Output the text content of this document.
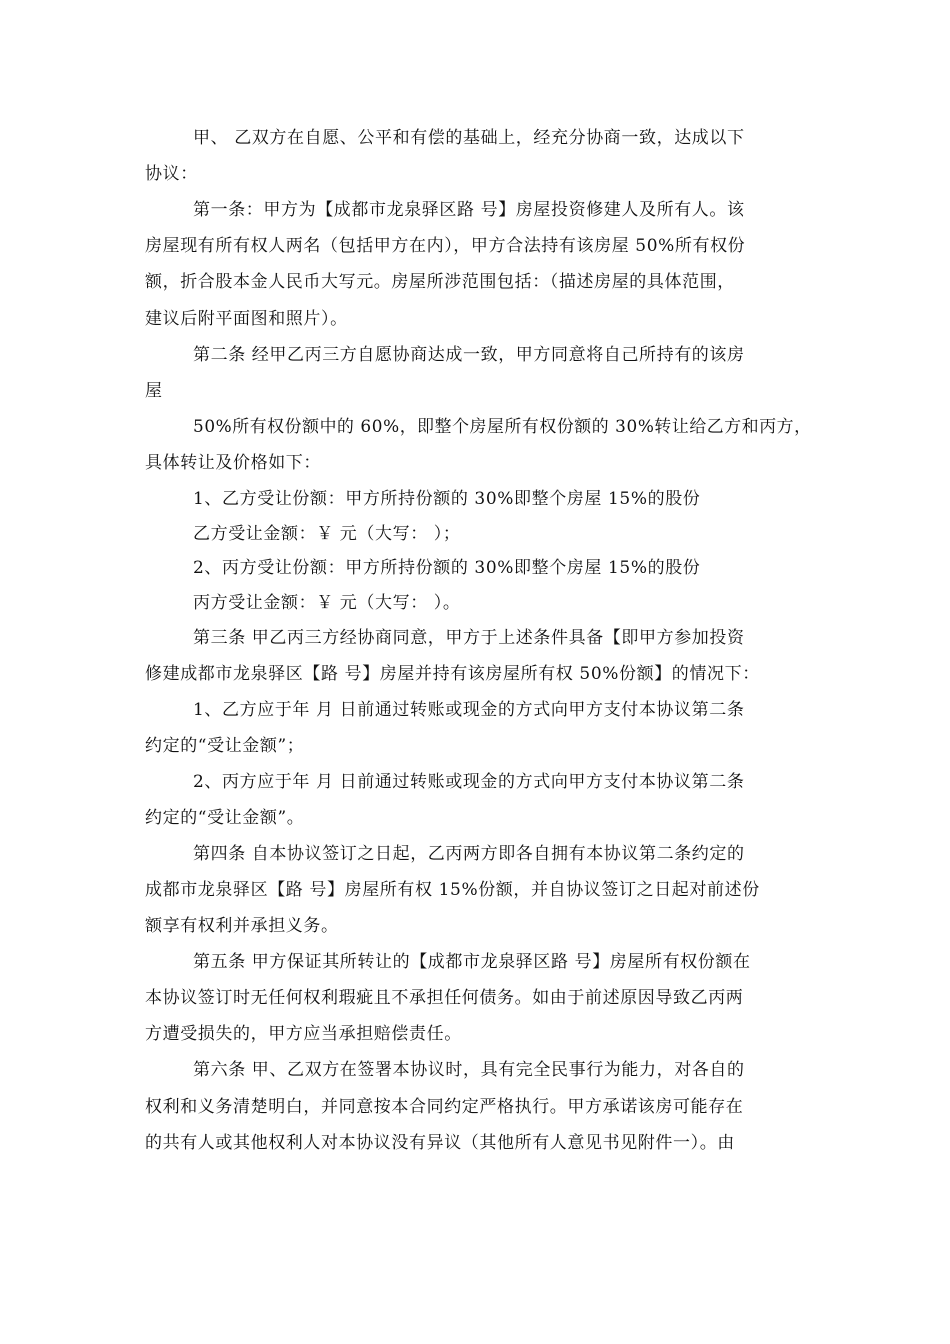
甲、 乙双方在自愿、公平和有偿的基础上，经充分协商一致，达成以下
协议：
第一条：甲方为【成都市龙泉驿区路 号】房屋投资修建人及所有人。该
房屋现有所有权人两名（包括甲方在内），甲方合法持有该房屋 50%所有权份
额，折合股本金人民币大写元。房屋所涉范围包括：（描述房屋的具体范围，
建议后附平面图和照片）。
第二条 经甲乙丙三方自愿协商达成一致，甲方同意将自己所持有的该房
屋
50%所有权份额中的 60%，即整个房屋所有权份额的 30%转让给乙方和丙方，
具体转让及价格如下：
1、乙方受让份额：甲方所持份额的 30%即整个房屋 15%的股份
乙方受让金额：￥ 元（大写： ）；
2、丙方受让份额：甲方所持份额的 30%即整个房屋 15%的股份
丙方受让金额：￥ 元（大写： ）。
第三条 甲乙丙三方经协商同意，甲方于上述条件具备【即甲方参加投资
修建成都市龙泉驿区【路 号】房屋并持有该房屋所有权 50%份额】的情况下：
1、乙方应于年 月 日前通过转账或现金的方式向甲方支付本协议第二条
约定的“受让金额”；
2、丙方应于年 月 日前通过转账或现金的方式向甲方支付本协议第二条
约定的“受让金额”。
第四条 自本协议签订之日起，乙丙两方即各自拥有本协议第二条约定的
成都市龙泉驿区【路 号】房屋所有权 15%份额，并自协议签订之日起对前述份
额享有权利并承担义务。
第五条 甲方保证其所转让的【成都市龙泉驿区路 号】房屋所有权份额在
本协议签订时无任何权利瑕疵且不承担任何债务。如由于前述原因导致乙丙两
方遭受损失的，甲方应当承担赔偿责任。
第六条 甲、乙双方在签署本协议时，具有完全民事行为能力，对各自的
权利和义务清楚明白，并同意按本合同约定严格执行。甲方承诺该房可能存在
的共有人或其他权利人对本协议没有异议（其他所有人意见书见附件一）。由
